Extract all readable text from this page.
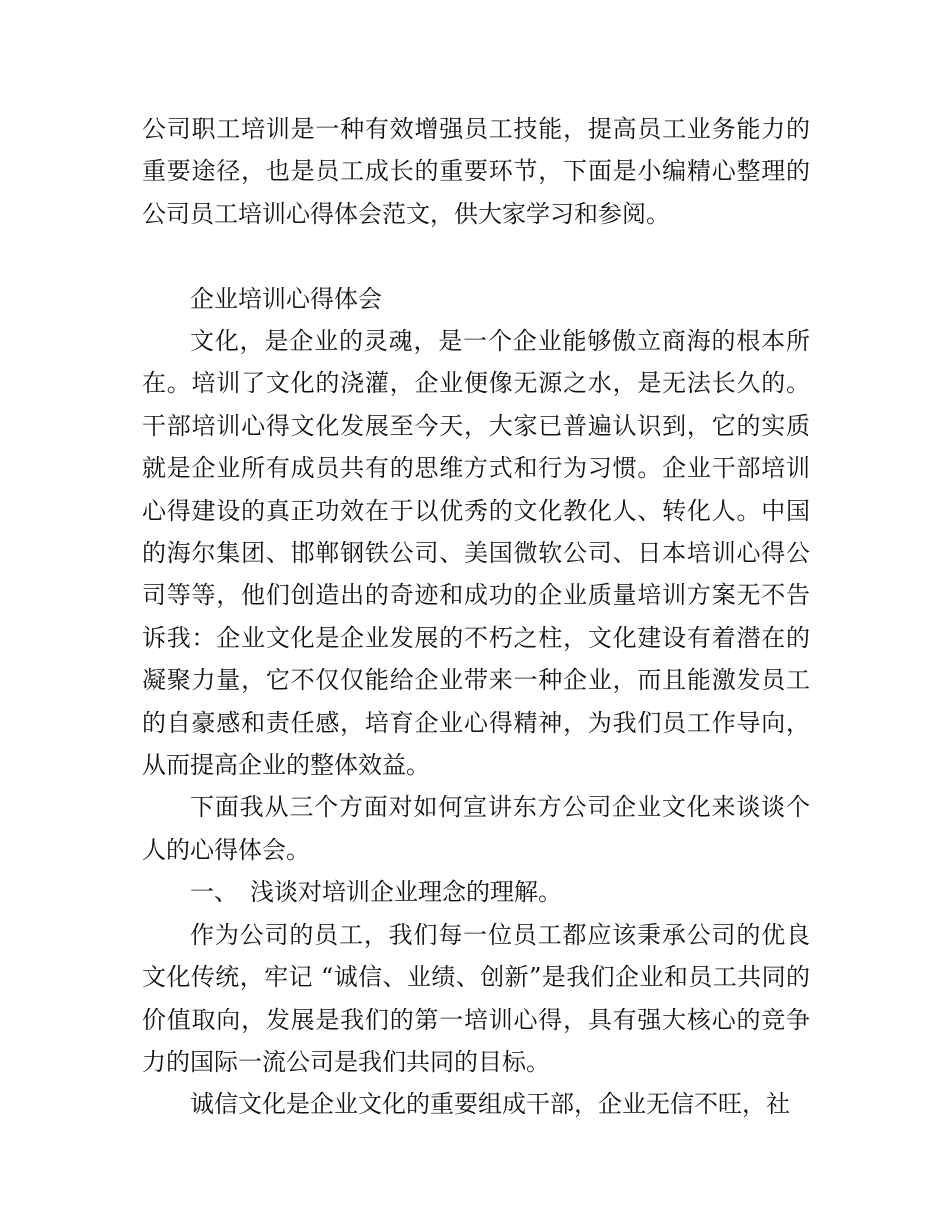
公司职工培训是一种有效增强员工技能，提高员工业务能力的重要途径，也是员工成长的重要环节，下面是小编精心整理的公司员工培训心得体会范文，供大家学习和参阅。

企业培训心得体会

文化，是企业的灵魂，是一个企业能够傲立商海的根本所在。培训了文化的浇灌，企业便像无源之水，是无法长久的。干部培训心得文化发展至今天，大家已普遍认识到，它的实质就是企业所有成员共有的思维方式和行为习惯。企业干部培训心得建设的真正功效在于以优秀的文化教化人、转化人。中国的海尔集团、邯郸钢铁公司、美国微软公司、日本培训心得公司等等，他们创造出的奇迹和成功的企业质量培训方案无不告诉我：企业文化是企业发展的不朽之柱，文化建设有着潜在的凝聚力量，它不仅仅能给企业带来一种企业，而且能激发员工的自豪感和责任感，培育企业心得精神，为我们员工作导向，从而提高企业的整体效益。

下面我从三个方面对如何宣讲东方公司企业文化来谈谈个人的心得体会。

一、　浅谈对培训企业理念的理解。

作为公司的员工，我们每一位员工都应该秉承公司的优良文化传统，牢记 “诚信、业绩、创新”是我们企业和员工共同的价值取向，发展是我们的第一培训心得，具有强大核心的竞争力的国际一流公司是我们共同的目标。

诚信文化是企业文化的重要组成干部，企业无信不旺，社
